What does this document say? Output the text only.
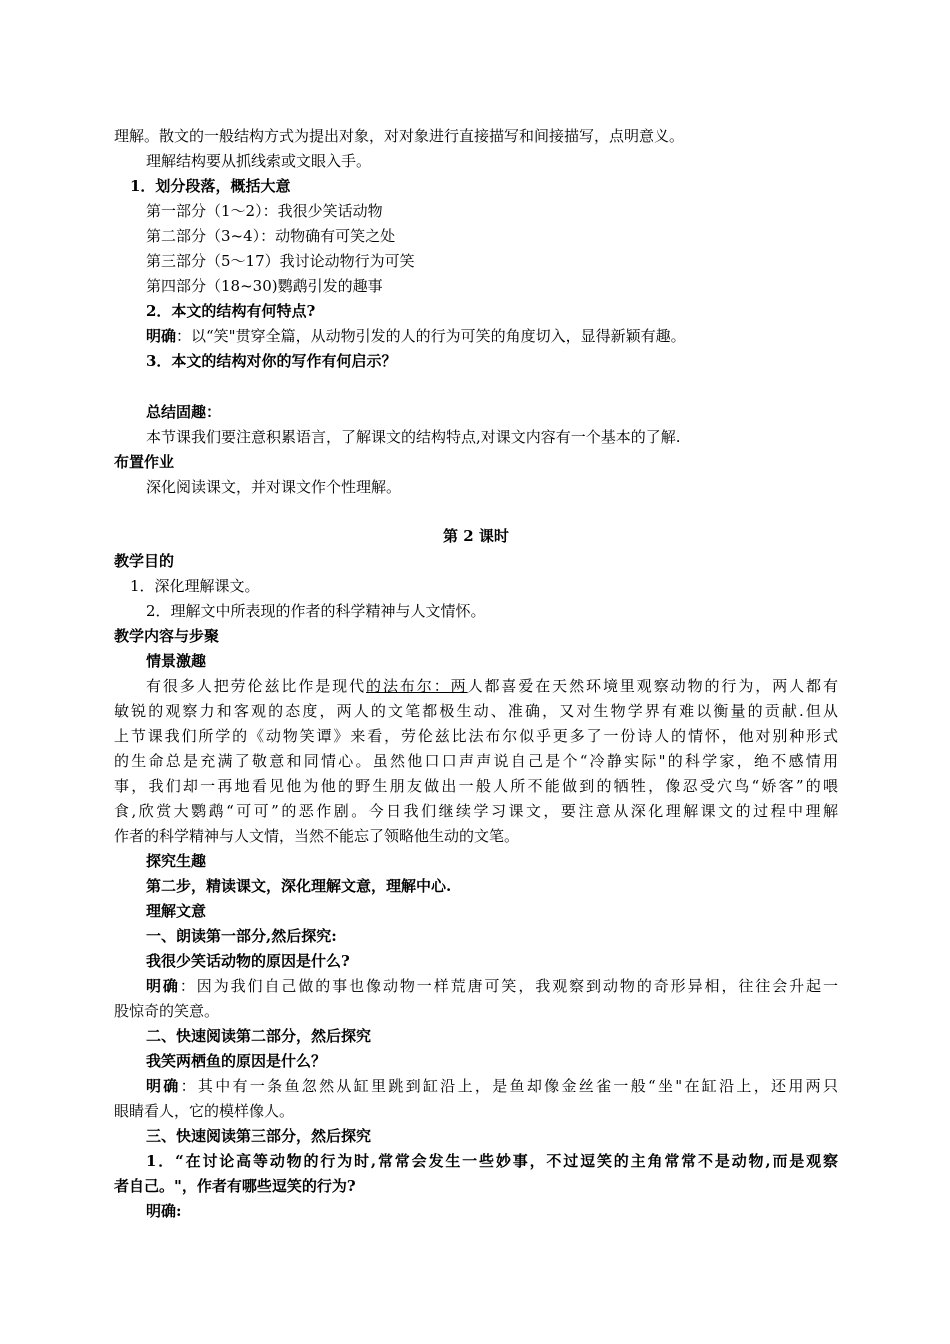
理解。散文的一般结构方式为提出对象，对对象进行直接描写和间接描写，点明意义。
理解结构要从抓线索或文眼入手。
1．划分段落，概括大意
第一部分（1～2）：我很少笑话动物
第二部分（3~4）：动物确有可笑之处
第三部分（5～17）我讨论动物行为可笑
第四部分（18~30)鹦鹉引发的趣事
2．本文的结构有何特点?
明确：以“笑"贯穿全篇，从动物引发的人的行为可笑的角度切入，显得新颖有趣。
3．本文的结构对你的写作有何启示？
总结固趣：
本节课我们要注意积累语言，了解课文的结构特点,对课文内容有一个基本的了解.
布置作业
深化阅读课文，并对课文作个性理解。
第 2 课时
教学目的
1．深化理解课文。
2．理解文中所表现的作者的科学精神与人文情怀。
教学内容与步聚
情景激趣
有很多人把劳伦兹比作是现代的法布尔：两人都喜爱在天然环境里观察动物的行为，两人都有
敏锐的观察力和客观的态度，两人的文笔都极生动、准确，又对生物学界有难以衡量的贡献.但从
上节课我们所学的《动物笑谭》来看，劳伦兹比法布尔似乎更多了一份诗人的情怀，他对别种形式
的生命总是充满了敬意和同情心。虽然他口口声声说自己是个“冷静实际"的科学家，绝不感情用
事，我们却一再地看见他为他的野生朋友做出一般人所不能做到的牺牲，像忍受穴鸟“娇客”的喂
食,欣赏大鹦鹉“可可”的恶作剧。今日我们继续学习课文，要注意从深化理解课文的过程中理解
作者的科学精神与人文情，当然不能忘了领略他生动的文笔。
探究生趣
第二步，精读课文，深化理解文意，理解中心.
理解文意
一、朗读第一部分,然后探究:
我很少笑话动物的原因是什么?
明确：因为我们自己做的事也像动物一样荒唐可笑，我观察到动物的奇形异相，往往会升起一
股惊奇的笑意。
二、快速阅读第二部分，然后探究
我笑两栖鱼的原因是什么？
明确：其中有一条鱼忽然从缸里跳到缸沿上，是鱼却像金丝雀一般“坐"在缸沿上，还用两只
眼睛看人，它的模样像人。
三、快速阅读第三部分，然后探究
1．“在讨论高等动物的行为时,常常会发生一些妙事，不过逗笑的主角常常不是动物,而是观察
者自己。"，作者有哪些逗笑的行为?
明确:
